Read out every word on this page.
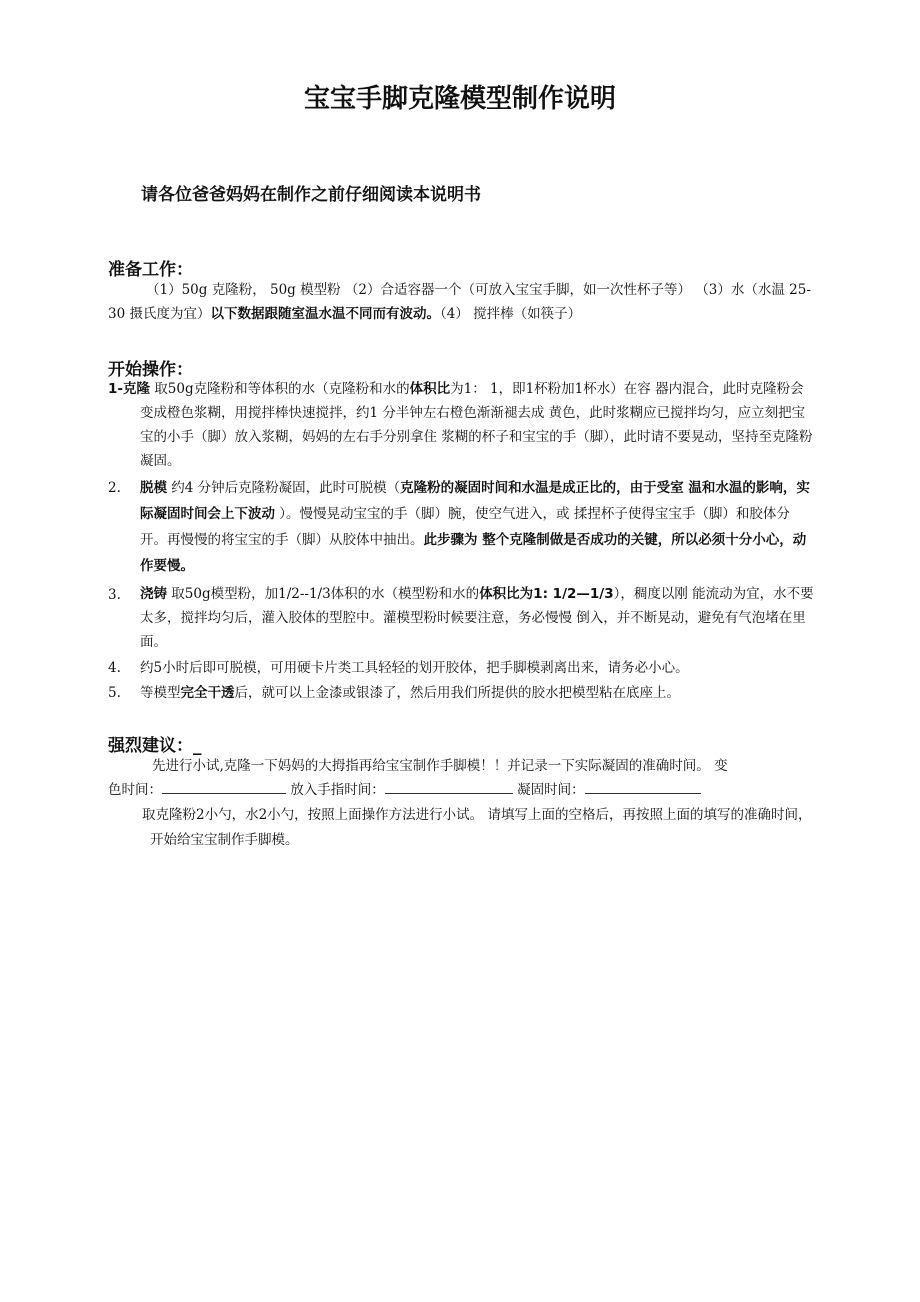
宝宝手脚克隆模型制作说明
请各位爸爸妈妈在制作之前仔细阅读本说明书
准备工作：
（1）50g 克隆粉， 50g 模型粉 （2）合适容器一个（可放入宝宝手脚，如一次性杯子等） （3）水（水温 25-30 摄氏度为宜）以下数据跟随室温水温不同而有波动。（4） 搅拌棒（如筷子）
开始操作：
1-克隆 取50g克隆粉和等体积的水（克隆粉和水的体积比为1： 1，即1杯粉加1杯水）在容 器内混合，此时克隆粉会变成橙色浆糊，用搅拌棒快速搅拌，约1 分半钟左右橙色渐渐褪去成 黄色，此时浆糊应已搅拌均匀，应立刻把宝宝的小手（脚）放入浆糊，妈妈的左右手分别拿住 浆糊的杯子和宝宝的手（脚），此时请不要晃动，坚持至克隆粉凝固。
2. 脱模 约4 分钟后克隆粉凝固，此时可脱模（克隆粉的凝固时间和水温是成正比的，由于受室 温和水温的影响，实际凝固时间会上下波动 ）。慢慢晃动宝宝的手（脚）腕，使空气进入，或 揉捏杯子使得宝宝手（脚）和胶体分开。再慢慢的将宝宝的手（脚）从胶体中抽出。此步骤为 整个克隆制做是否成功的关键，所以必须十分小心，动作要慢。
3. 浇铸 取50g模型粉，加1/2--1/3体积的水（模型粉和水的体积比为1: 1/2—1/3），稠度以刚 能流动为宜，水不要太多，搅拌均匀后，灌入胶体的型腔中。灌模型粉时候要注意，务必慢慢 倒入，并不断晃动，避免有气泡堵在里面。
4. 约5小时后即可脱模，可用硬卡片类工具轻轻的划开胶体，把手脚模剥离出来，请务必小心。
5. 等模型完全干透后，就可以上金漆或银漆了，然后用我们所提供的胶水把模型粘在底座上。
强烈建议：_
先进行小试,克隆一下妈妈的大拇指再给宝宝制作手脚模！！并记录一下实际凝固的准确时间。 变
色时间：	放入手指时间：	凝固时间：
取克隆粉2小勺，水2小勺，按照上面操作方法进行小试。 请填写上面的空格后，再按照上面的填写的准确时间，开始给宝宝制作手脚模。
